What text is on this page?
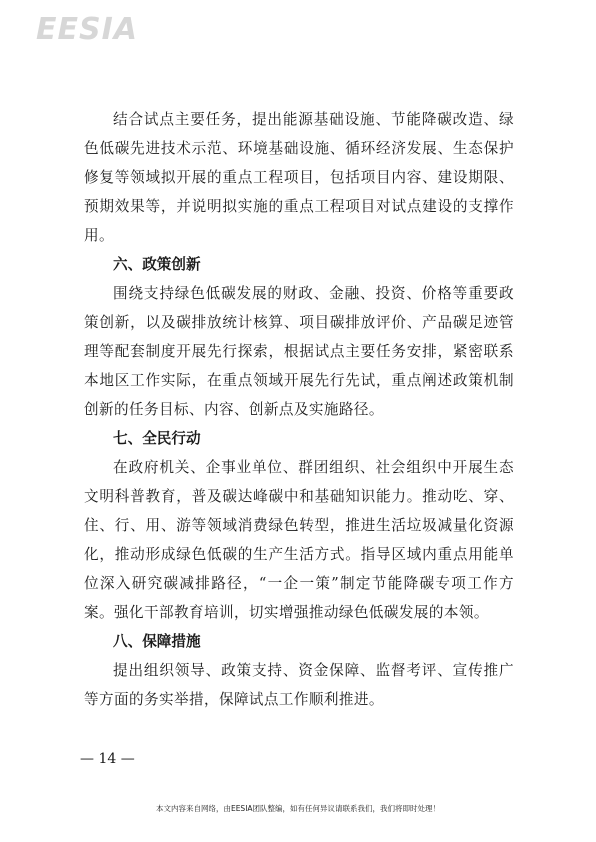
EESIA

结合试点主要任务，提出能源基础设施、节能降碳改造、绿色低碳先进技术示范、环境基础设施、循环经济发展、生态保护修复等领域拟开展的重点工程项目，包括项目内容、建设期限、预期效果等，并说明拟实施的重点工程项目对试点建设的支撑作用。

六、政策创新

围绕支持绿色低碳发展的财政、金融、投资、价格等重要政策创新，以及碳排放统计核算、项目碳排放评价、产品碳足迹管理等配套制度开展先行探索，根据试点主要任务安排，紧密联系本地区工作实际，在重点领域开展先行先试，重点阐述政策机制创新的任务目标、内容、创新点及实施路径。

七、全民行动

在政府机关、企事业单位、群团组织、社会组织中开展生态文明科普教育，普及碳达峰碳中和基础知识能力。推动吃、穿、住、行、用、游等领域消费绿色转型，推进生活垃圾减量化资源化，推动形成绿色低碳的生产生活方式。指导区域内重点用能单位深入研究碳减排路径，“一企一策”制定节能降碳专项工作方案。强化干部教育培训，切实增强推动绿色低碳发展的本领。

八、保障措施

提出组织领导、政策支持、资金保障、监督考评、宣传推广等方面的务实举措，保障试点工作顺利推进。

— 14 —
本文内容来自网络，由EESIA团队整编，如有任何异议请联系我们，我们将即时处理！
